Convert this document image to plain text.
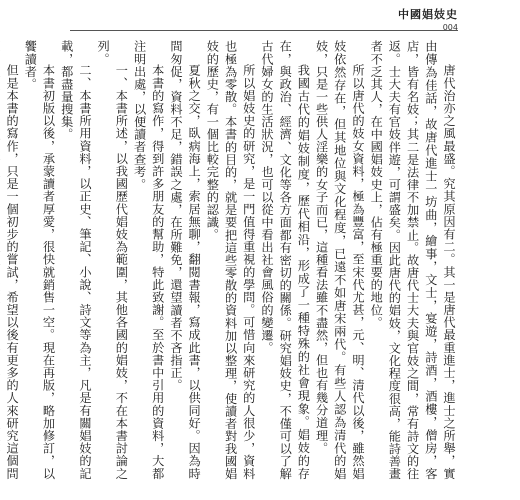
中國娼妓史
004

唐代治亦之風最盛。究其原因有二。其一是唐代最重進士，進士之所舉，實由傳為佳話，故唐代進士一坊曲，繪事，文士，宴遊，詩酒，酒樓，僧房，客店，皆有名妓；其二是法律不加禁止。故唐代士大夫與官妓之間，常有詩文的往返。士大夫有官妓伴遊，可謂盛矣。因此唐代的娼妓，文化程度很高，能詩善畫者不乏其人，在中國娼妓史上，佔有極重要的地位。

所以唐代的妓女資料，極為豐富，至宋代尤甚，元、明、清代以後，雖然娼妓依然存在，但其地位與文化程度，已遠不如唐宋兩代。有些人認為清代的娼妓，只是一些供人淫樂的女子而已，這種看法雖不盡然，但也有幾分道理。

我國古代的娼妓制度，歷代相沿，形成了一種特殊的社會現象。娼妓的存在，與政治、經濟、文化等各方面都有密切的關係。研究娼妓史，不僅可以了解古代婦女的生活狀況，也可以從中看出社會風俗的變遷。

所以娼妓史的研究，是一門值得重視的學問。可惜向來研究的人很少，資料也極為零散。本書的目的，就是要把這些零散的資料加以整理，使讀者對我國娼妓的歷史，有一個比較完整的認識。

夏秋之交，臥病海上，索居無聊，翻閱書報，寫成此書，以供同好。因為時間匆促，資料不足，錯誤之處，在所難免，還望讀者不吝指正。

本書的寫作，得到許多朋友的幫助，特此致謝。至於書中引用的資料，大都注明出處，以便讀者查考。

一、本書所述，以我國歷代娼妓為範圍，其他各國的娼妓，不在本書討論之列。

二、本書所用資料，以正史、筆記、小說、詩文等為主，凡是有關娼妓的記載，都盡量搜集。

本書初版以後，承蒙讀者厚愛，很快就銷售一空。現在再版，略加修訂，以饗讀者。

但是本書的寫作，只是一個初步的嘗試，希望以後有更多的人來研究這個問
